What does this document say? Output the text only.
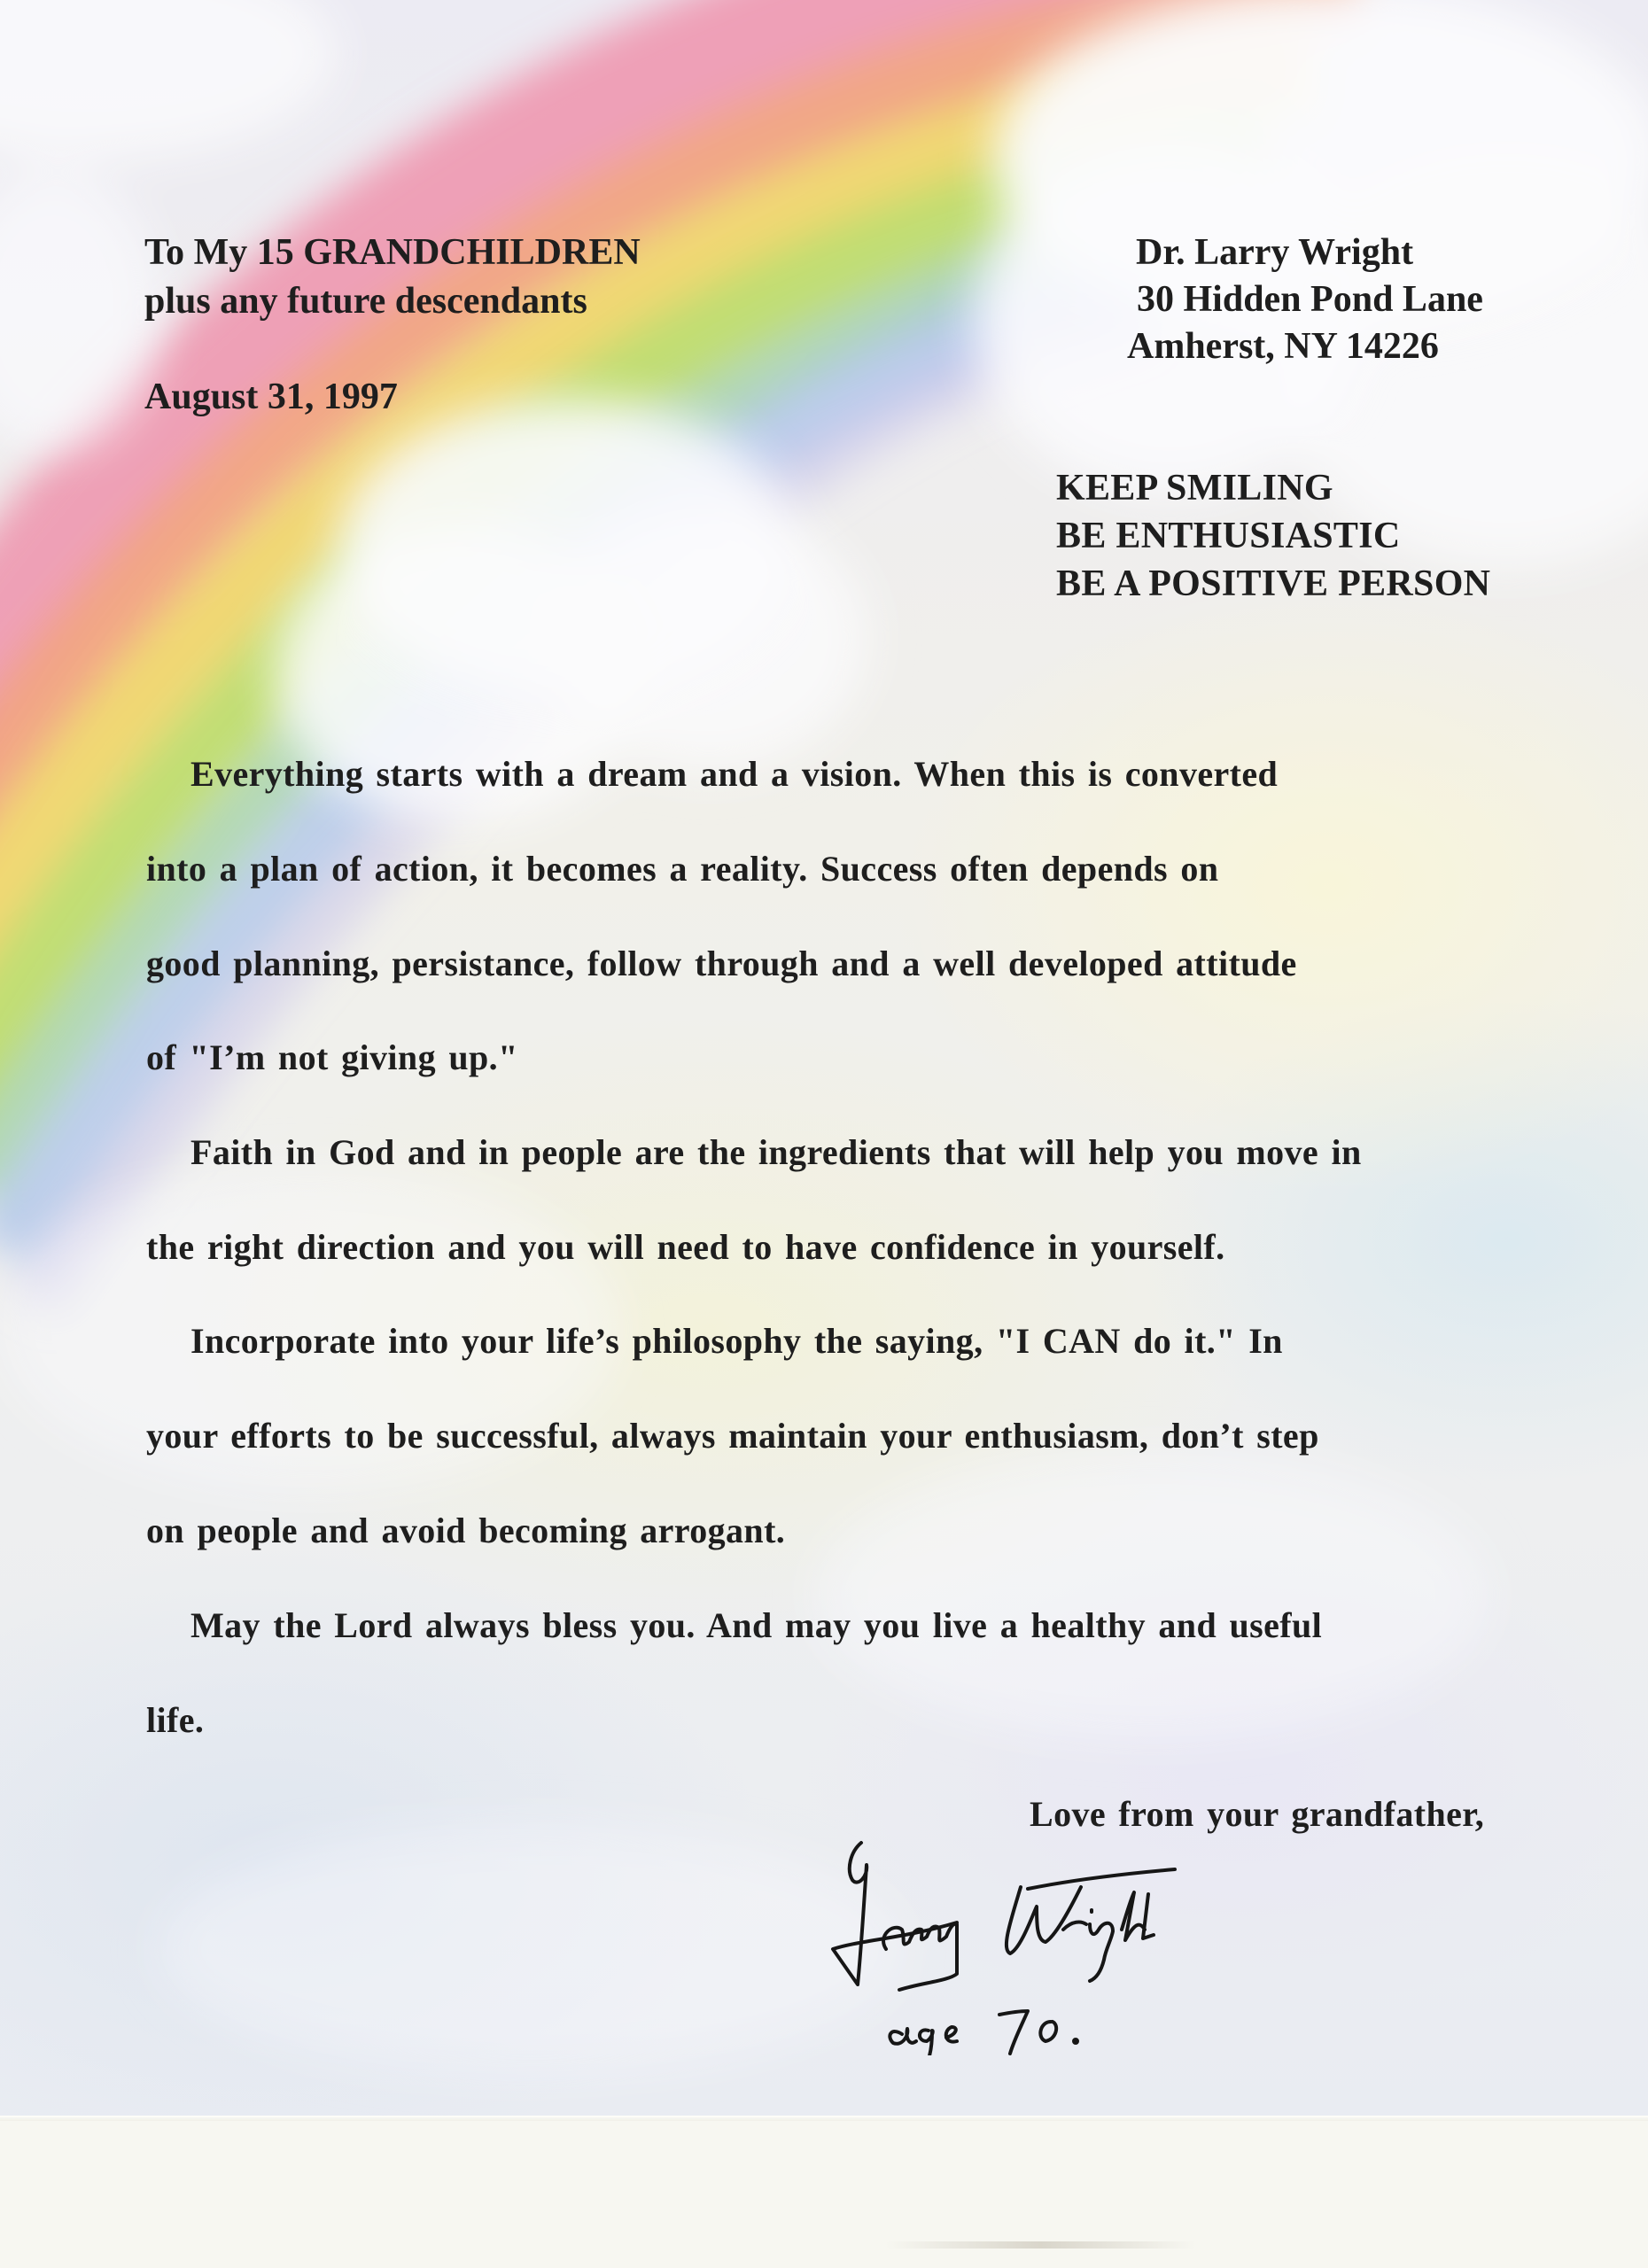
To My 15 GRANDCHILDREN
plus any future descendants
August 31, 1997
Dr. Larry Wright
30 Hidden Pond Lane
Amherst, NY 14226
KEEP SMILING
BE ENTHUSIASTIC
BE A POSITIVE PERSON
Everything starts with a dream and a vision. When this is converted
into a plan of action, it becomes a reality. Success often depends on
good planning, persistance, follow through and a well developed attitude
of "I’m not giving up."
Faith in God and in people are the ingredients that will help you move in
the right direction and you will need to have confidence in yourself.
Incorporate into your life’s philosophy the saying, "I CAN do it." In
your efforts to be successful, always maintain your enthusiasm, don’t step
on people and avoid becoming arrogant.
May the Lord always bless you. And may you live a healthy and useful
life.
Love from your grandfather,
